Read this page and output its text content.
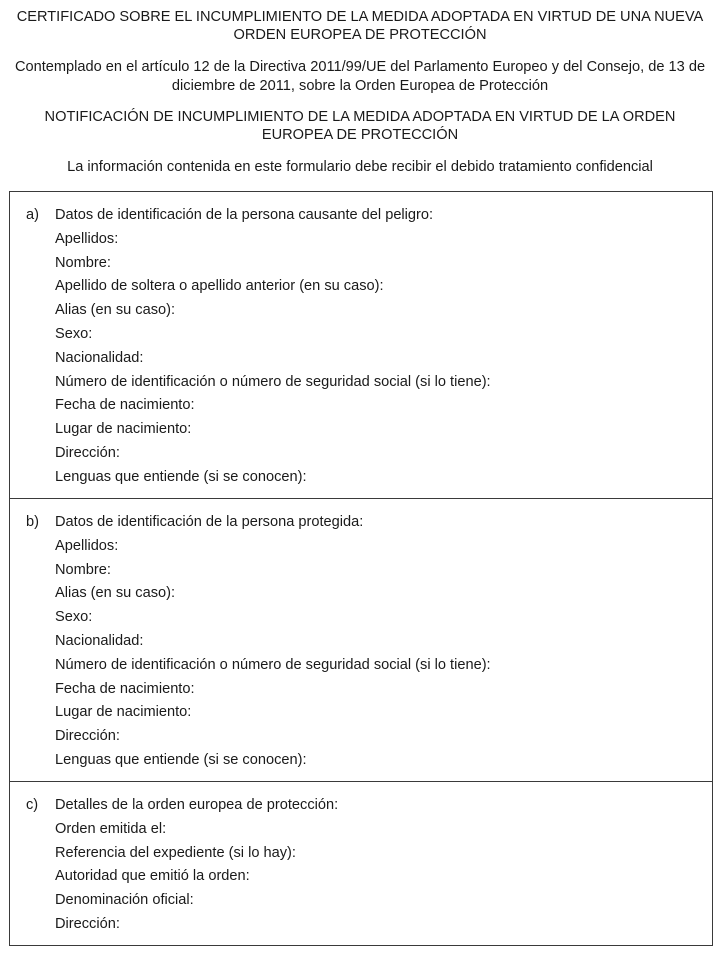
CERTIFICADO SOBRE EL INCUMPLIMIENTO DE LA MEDIDA ADOPTADA EN VIRTUD DE UNA NUEVA ORDEN EUROPEA DE PROTECCIÓN

Contemplado en el artículo 12 de la Directiva 2011/99/UE del Parlamento Europeo y del Consejo, de 13 de diciembre de 2011, sobre la Orden Europea de Protección

NOTIFICACIÓN DE INCUMPLIMIENTO DE LA MEDIDA ADOPTADA EN VIRTUD DE LA ORDEN EUROPEA DE PROTECCIÓN

La información contenida en este formulario debe recibir el debido tratamiento confidencial

a)	Datos de identificación de la persona causante del peligro:
Apellidos:
Nombre:
Apellido de soltera o apellido anterior (en su caso):
Alias (en su caso):
Sexo:
Nacionalidad:
Número de identificación o número de seguridad social (si lo tiene):
Fecha de nacimiento:
Lugar de nacimiento:
Dirección:
Lenguas que entiende (si se conocen):
b)	Datos de identificación de la persona protegida:
Apellidos:
Nombre:
Alias (en su caso):
Sexo:
Nacionalidad:
Número de identificación o número de seguridad social (si lo tiene):
Fecha de nacimiento:
Lugar de nacimiento:
Dirección:
Lenguas que entiende (si se conocen):
c)	Detalles de la orden europea de protección:
Orden emitida el:
Referencia del expediente (si lo hay):
Autoridad que emitió la orden:
Denominación oficial:
Dirección:
